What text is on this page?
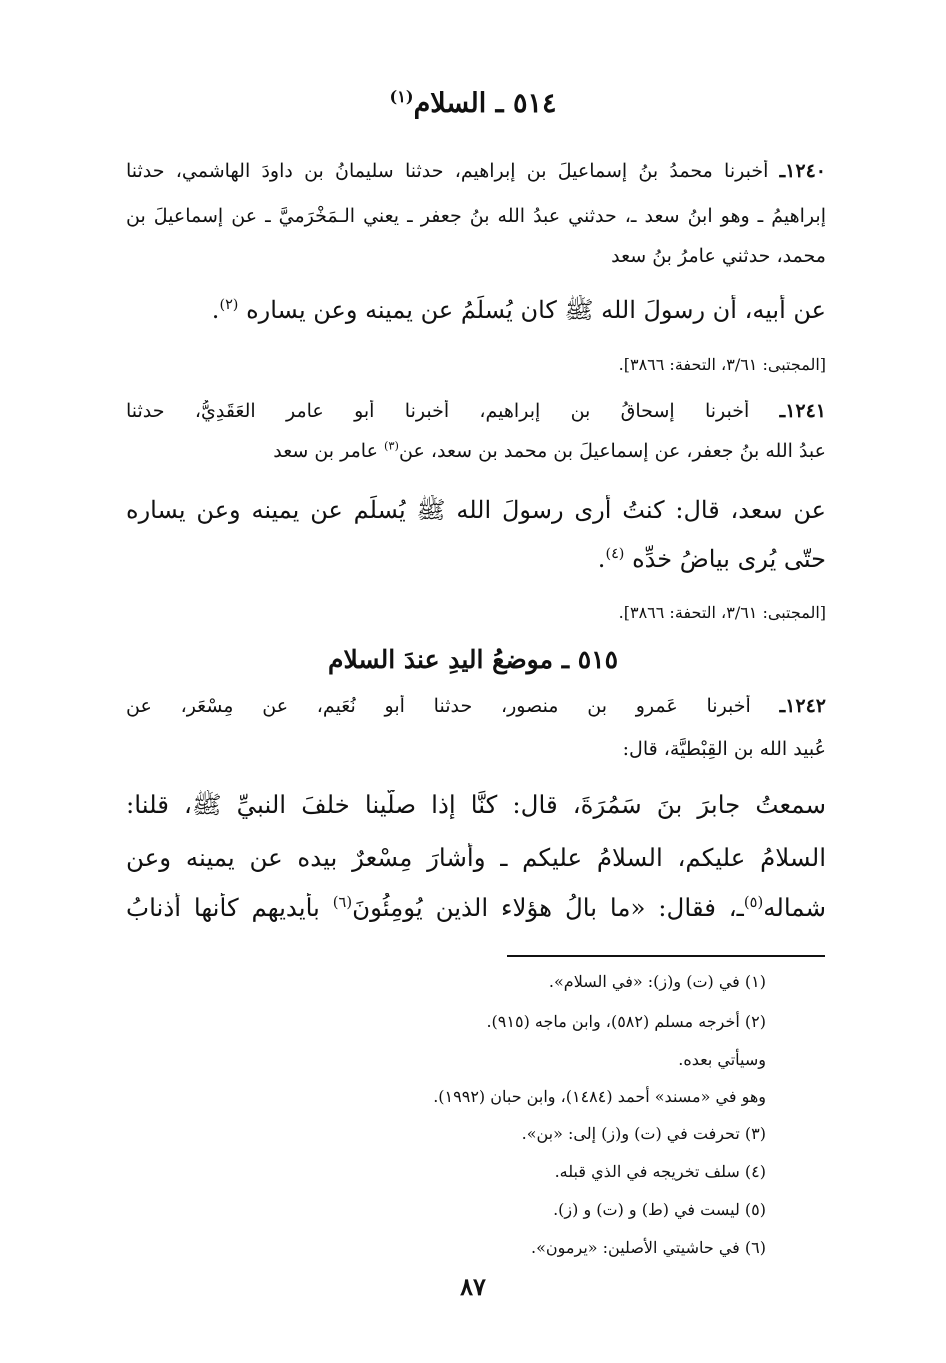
٥١٤ ـ السلام$^{(١)}$
١٢٤٠ـ أخبرنا محمدُ بنُ إسماعيلَ بن إبراهيم، حدثنا سليمانُ بن داودَ الهاشمي، حدثنا
إبراهيمُ ـ وهو ابنُ سعد ـ، حدثني عبدُ الله بنُ جعفر ـ يعني الـمَخْرَميَّ ـ عن إسماعيلَ بنِ
محمد، حدثني عامرُ بنُ سعد
عن أبيه، أن رسولَ الله ﷺ كان يُسلِّمُ عن يمينه وعن يساره $^{(٢)}$.
[المجتبى: ٣/٦١، التحفة: ٣٨٦٦].
١٢٤١ـ أخبرنا إسحاقُ بن إبراهيم، أخبرنا أبو عامر العَقَدِيُّ، حدثنا
عبدُ الله بنُ جعفر، عن إسماعيلَ بنِ محمد بن سعد، عن$^{(٣)}$ عامر بنِ سعد
عن سعد، قال: كنتُ أرى رسولَ الله ﷺ يُسلِّم عن يمينه وعن يساره
حتّى يُرى بياضُ خدِّه $^{(٤)}$.
[المجتبى: ٣/٦١، التحفة: ٣٨٦٦].
٥١٥ ـ موضعُ اليدِ عندَ السلام
١٢٤٢ـ أخبرنا عَمرو بن منصور، حدثنا أبو نُعَيم، عن مِسْعَر، عن
عُبيد الله بن القِبْطيَّة، قال:
سمعتُ جابرَ بنَ سَمُرَةَ، قال: كنَّا إذا صلَّينا خلفَ النبيِّ ﷺ، قلنا:
السلامُ عليكم، السلامُ عليكم ـ وأشارَ مِسْعرٌ بيده عن يمينه وعن
شماله$^{(٥)}$ـ، فقال: «ما بالُ هؤلاء الذين يُومِئُونَ$^{(٦)}$ بأيديهم كأنها أذنابُ
(١) في (ت) و(ز): «في السلام».
(٢) أخرجه مسلم (٥٨٢)، وابن ماجه (٩١٥).
وسيأتي بعده.
وهو في «مسند» أحمد (١٤٨٤)، وابن حبان (١٩٩٢).
(٣) تحرفت في (ت) و(ز) إلى: «بن».
(٤) سلف تخريجه في الذي قبله.
(٥) ليست في (ط) و (ت) و (ز).
(٦) في حاشيتي الأصلين: «يرمون».
٨٧
